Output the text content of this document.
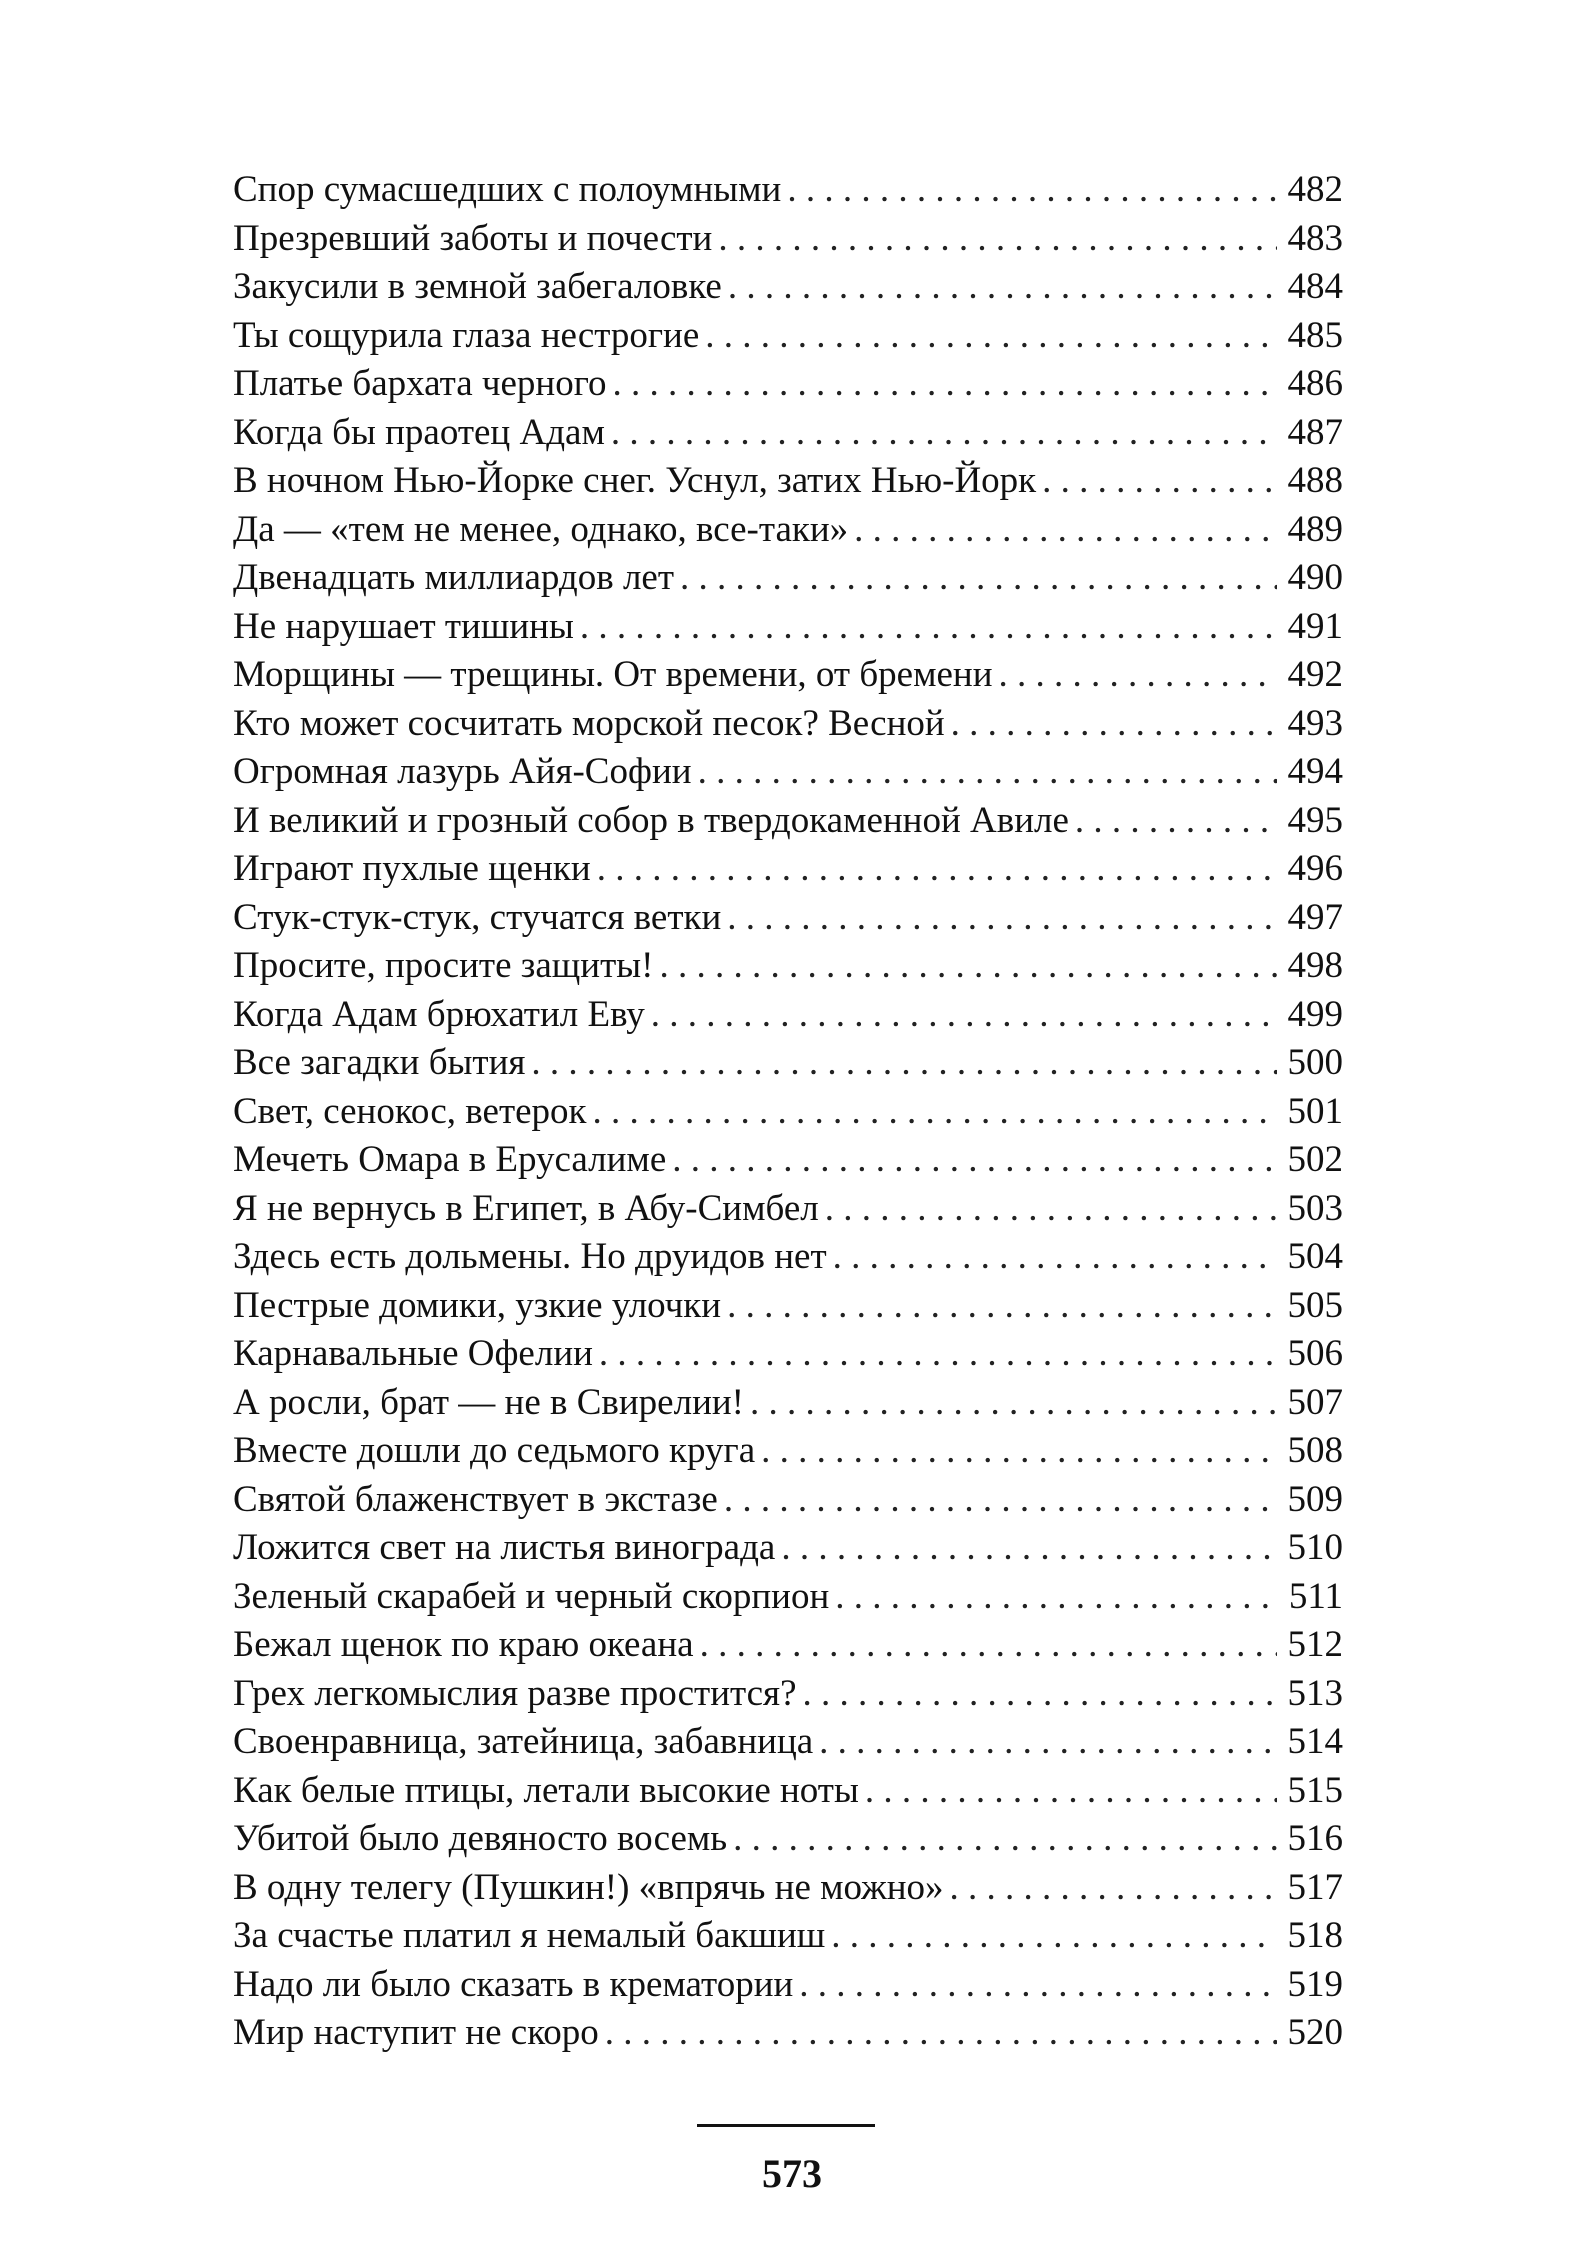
Спор сумасшедших с полоумными . . .	482
Презревший заботы и почести . . .	483
Закусили в земной забегаловке . . .	484
Ты сощурила глаза нестрогие . . .	485
Платье бархата черного . . .	486
Когда бы праотец Адам . . .	487
В ночном Нью-Йорке снег. Уснул, затих Нью-Йорк . . .	488
Да — «тем не менее, однако, все-таки» . . .	489
Двенадцать миллиардов лет . . .	490
Не нарушает тишины . . .	491
Морщины — трещины. От времени, от бремени . . .	492
Кто может сосчитать морской песок? Весной . . .	493
Огромная лазурь Айя-Софии . . .	494
И великий и грозный собор в твердокаменной Авиле . . .	495
Играют пухлые щенки . . .	496
Стук-стук-стук, стучатся ветки . . .	497
Просите, просите защиты! . . .	498
Когда Адам брюхатил Еву . . .	499
Все загадки бытия . . .	500
Свет, сенокос, ветерок . . .	501
Мечеть Омара в Ерусалиме . . .	502
Я не вернусь в Египет, в Абу-Симбел . . .	503
Здесь есть дольмены. Но друидов нет . . .	504
Пестрые домики, узкие улочки . . .	505
Карнавальные Офелии . . .	506
А росли, брат — не в Свирелии! . . .	507
Вместе дошли до седьмого круга . . .	508
Святой блаженствует в экстазе . . .	509
Ложится свет на листья винограда . . .	510
Зеленый скарабей и черный скорпион . . .	511
Бежал щенок по краю океана . . .	512
Грех легкомыслия разве простится? . . .	513
Своенравница, затейница, забавница . . .	514
Как белые птицы, летали высокие ноты . . .	515
Убитой было девяносто восемь . . .	516
В одну телегу (Пушкин!) «впрячь не можно» . . .	517
За счастье платил я немалый бакшиш . . .	518
Надо ли было сказать в крематории . . .	519
Мир наступит не скоро . . .	520
573
